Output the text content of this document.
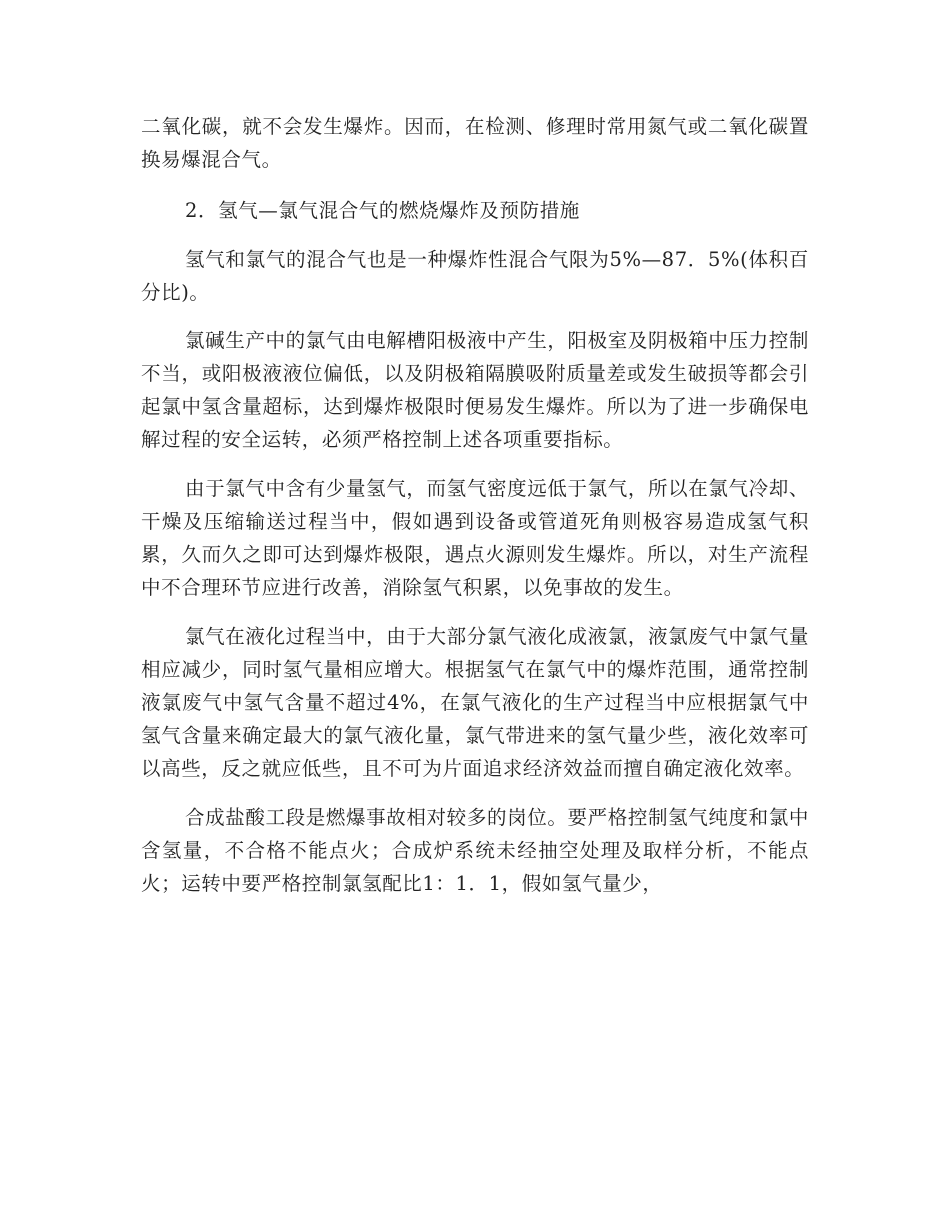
二氧化碳，就不会发生爆炸。因而，在检测、修理时常用氮气或二氧化碳置换易爆混合气。

2．氢气—氯气混合气的燃烧爆炸及预防措施

氢气和氯气的混合气也是一种爆炸性混合气限为5%—87．5%(体积百分比)。

氯碱生产中的氯气由电解槽阳极液中产生，阳极室及阴极箱中压力控制不当，或阳极液液位偏低，以及阴极箱隔膜吸附质量差或发生破损等都会引起氯中氢含量超标，达到爆炸极限时便易发生爆炸。所以为了进一步确保电解过程的安全运转，必须严格控制上述各项重要指标。

由于氯气中含有少量氢气，而氢气密度远低于氯气，所以在氯气冷却、干燥及压缩输送过程当中，假如遇到设备或管道死角则极容易造成氢气积累，久而久之即可达到爆炸极限，遇点火源则发生爆炸。所以，对生产流程中不合理环节应进行改善，消除氢气积累，以免事故的发生。

氯气在液化过程当中，由于大部分氯气液化成液氯，液氯废气中氯气量相应减少，同时氢气量相应增大。根据氢气在氯气中的爆炸范围，通常控制液氯废气中氢气含量不超过4%，在氯气液化的生产过程当中应根据氯气中氢气含量来确定最大的氯气液化量，氯气带进来的氢气量少些，液化效率可以高些，反之就应低些，且不可为片面追求经济效益而擅自确定液化效率。

合成盐酸工段是燃爆事故相对较多的岗位。要严格控制氢气纯度和氯中含氢量，不合格不能点火；合成炉系统未经抽空处理及取样分析，不能点火；运转中要严格控制氯氢配比1：1．1，假如氢气量少，
